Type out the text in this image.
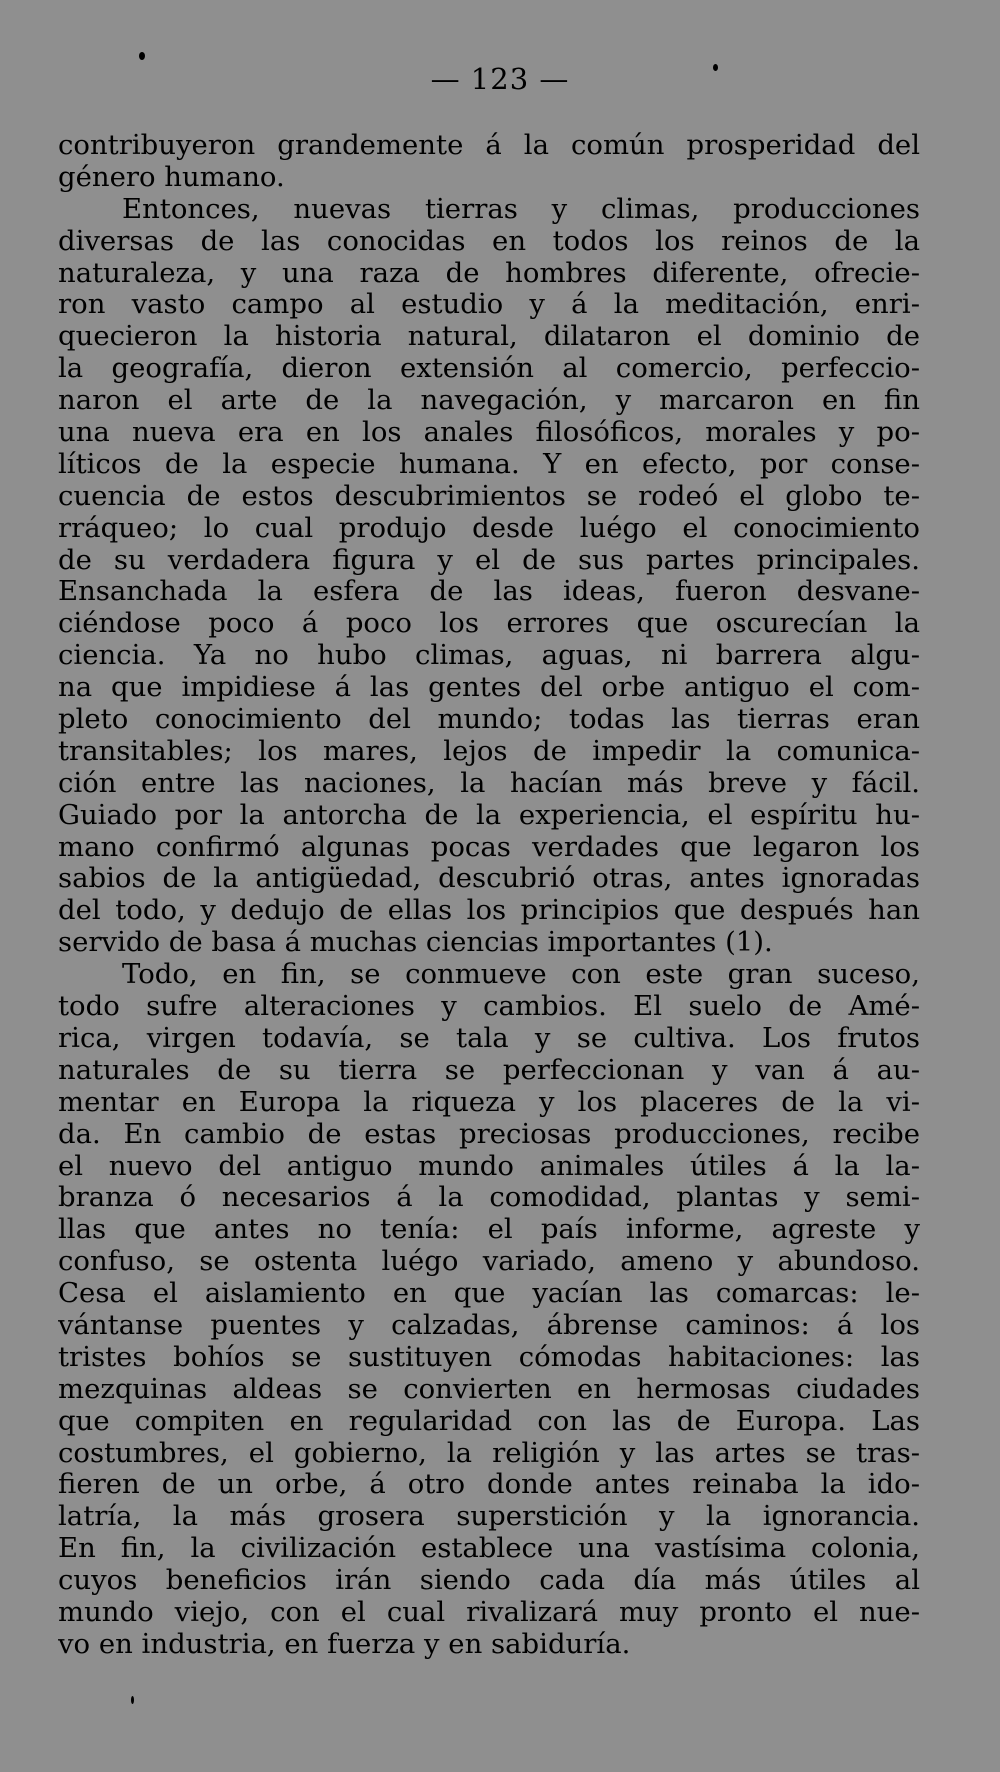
— 123 —
contribuyeron grandemente á la común prosperidad del
género humano.
Entonces, nuevas tierras y climas, producciones
diversas de las conocidas en todos los reinos de la
naturaleza, y una raza de hombres diferente, ofrecie-
ron vasto campo al estudio y á la meditación, enri-
quecieron la historia natural, dilataron el dominio de
la geografía, dieron extensión al comercio, perfeccio-
naron el arte de la navegación, y marcaron en fin
una nueva era en los anales filosóficos, morales y po-
líticos de la especie humana. Y en efecto, por conse-
cuencia de estos descubrimientos se rodeó el globo te-
rráqueo; lo cual produjo desde luégo el conocimiento
de su verdadera figura y el de sus partes principales.
Ensanchada la esfera de las ideas, fueron desvane-
ciéndose poco á poco los errores que oscurecían la
ciencia. Ya no hubo climas, aguas, ni barrera algu-
na que impidiese á las gentes del orbe antiguo el com-
pleto conocimiento del mundo; todas las tierras eran
transitables; los mares, lejos de impedir la comunica-
ción entre las naciones, la hacían más breve y fácil.
Guiado por la antorcha de la experiencia, el espíritu hu-
mano confirmó algunas pocas verdades que legaron los
sabios de la antigüedad, descubrió otras, antes ignoradas
del todo, y dedujo de ellas los principios que después han
servido de basa á muchas ciencias importantes (1).
Todo, en fin, se conmueve con este gran suceso,
todo sufre alteraciones y cambios. El suelo de Amé-
rica, virgen todavía, se tala y se cultiva. Los frutos
naturales de su tierra se perfeccionan y van á au-
mentar en Europa la riqueza y los placeres de la vi-
da. En cambio de estas preciosas producciones, recibe
el nuevo del antiguo mundo animales útiles á la la-
branza ó necesarios á la comodidad, plantas y semi-
llas que antes no tenía: el país informe, agreste y
confuso, se ostenta luégo variado, ameno y abundoso.
Cesa el aislamiento en que yacían las comarcas: le-
vántanse puentes y calzadas, ábrense caminos: á los
tristes bohíos se sustituyen cómodas habitaciones: las
mezquinas aldeas se convierten en hermosas ciudades
que compiten en regularidad con las de Europa. Las
costumbres, el gobierno, la religión y las artes se tras-
fieren de un orbe, á otro donde antes reinaba la ido-
latría, la más grosera superstición y la ignorancia.
En fin, la civilización establece una vastísima colonia,
cuyos beneficios irán siendo cada día más útiles al
mundo viejo, con el cual rivalizará muy pronto el nue-
vo en industria, en fuerza y en sabiduría.
